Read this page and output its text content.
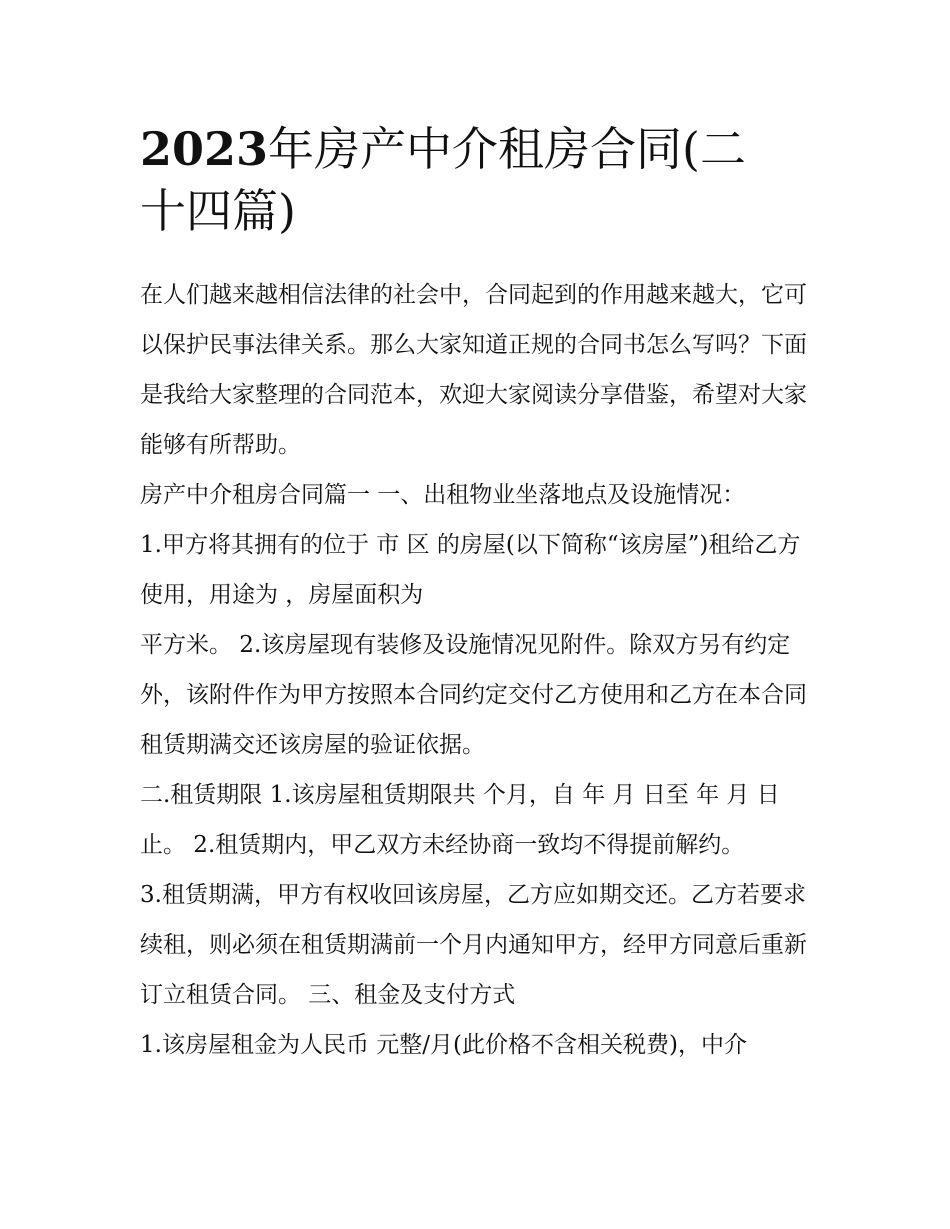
2023年房产中介租房合同(二十四篇)

在人们越来越相信法律的社会中，合同起到的作用越来越大，它可以保护民事法律关系。那么大家知道正规的合同书怎么写吗？下面是我给大家整理的合同范本，欢迎大家阅读分享借鉴，希望对大家能够有所帮助。

房产中介租房合同篇一 一、出租物业坐落地点及设施情况：

1.甲方将其拥有的位于 市 区 的房屋(以下简称“该房屋”)租给乙方使用，用途为 ，房屋面积为

平方米。 2.该房屋现有装修及设施情况见附件。除双方另有约定外，该附件作为甲方按照本合同约定交付乙方使用和乙方在本合同租赁期满交还该房屋的验证依据。

二.租赁期限 1.该房屋租赁期限共 个月，自 年 月 日至 年 月 日止。 2.租赁期内，甲乙双方未经协商一致均不得提前解约。

3.租赁期满，甲方有权收回该房屋，乙方应如期交还。乙方若要求续租，则必须在租赁期满前一个月内通知甲方，经甲方同意后重新订立租赁合同。 三、租金及支付方式

1.该房屋租金为人民币 元整/月(此价格不含相关税费)，中介
